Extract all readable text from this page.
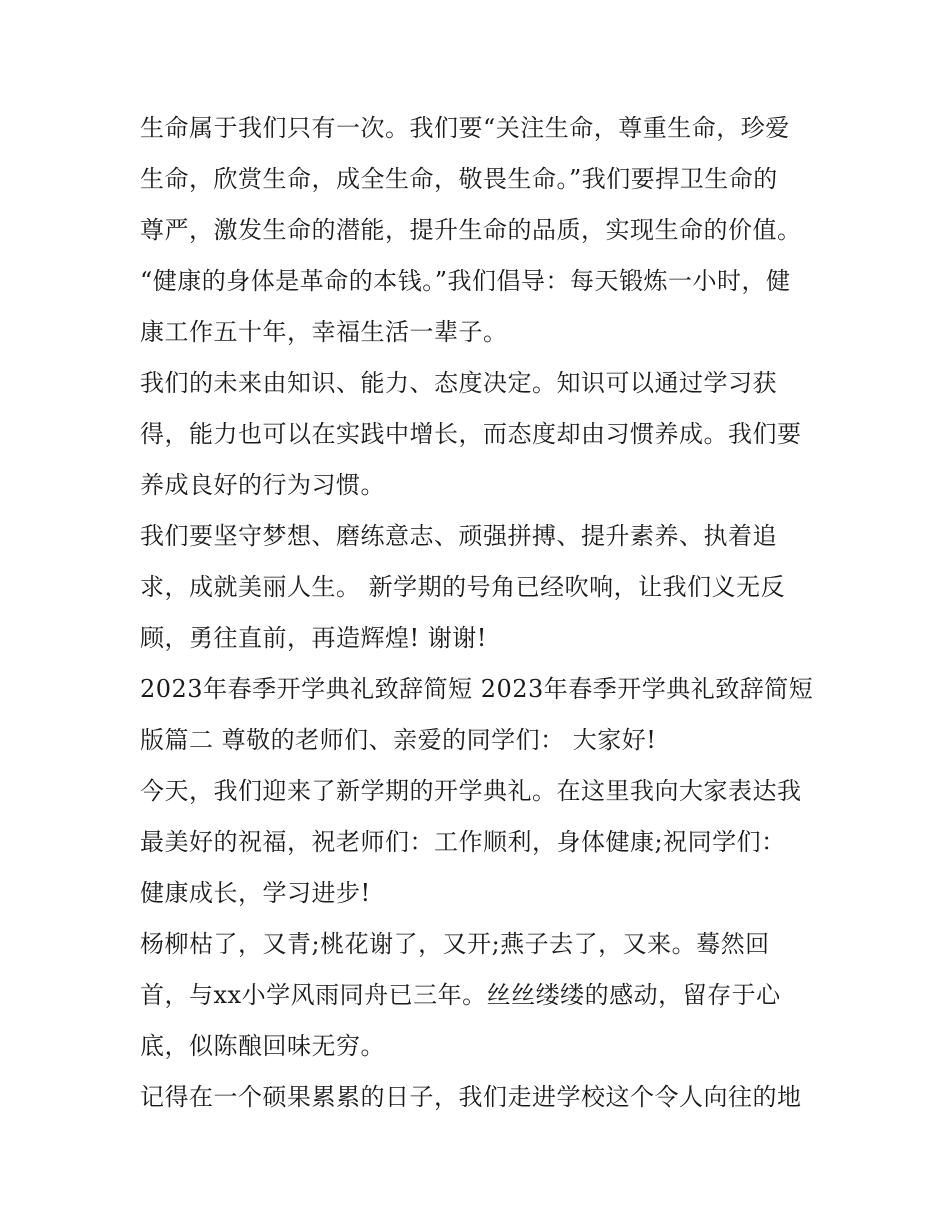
生命属于我们只有一次。我们要“关注生命，尊重生命，珍爱
生命，欣赏生命，成全生命，敬畏生命。”我们要捍卫生命的
尊严，激发生命的潜能，提升生命的品质，实现生命的价值。
“健康的身体是革命的本钱。”我们倡导：每天锻炼一小时，健
康工作五十年，幸福生活一辈子。
我们的未来由知识、能力、态度决定。知识可以通过学习获
得，能力也可以在实践中增长，而态度却由习惯养成。我们要
养成良好的行为习惯。
我们要坚守梦想、磨练意志、顽强拼搏、提升素养、执着追
求，成就美丽人生。 新学期的号角已经吹响，让我们义无反
顾，勇往直前，再造辉煌! 谢谢!
2023年春季开学典礼致辞简短 2023年春季开学典礼致辞简短
版篇二 尊敬的老师们、亲爱的同学们： 大家好!
今天，我们迎来了新学期的开学典礼。在这里我向大家表达我
最美好的祝福，祝老师们：工作顺利，身体健康;祝同学们：
健康成长，学习进步!
杨柳枯了，又青;桃花谢了，又开;燕子去了，又来。蓦然回
首，与xx小学风雨同舟已三年。丝丝缕缕的感动，留存于心
底，似陈酿回味无穷。
记得在一个硕果累累的日子，我们走进学校这个令人向往的地
